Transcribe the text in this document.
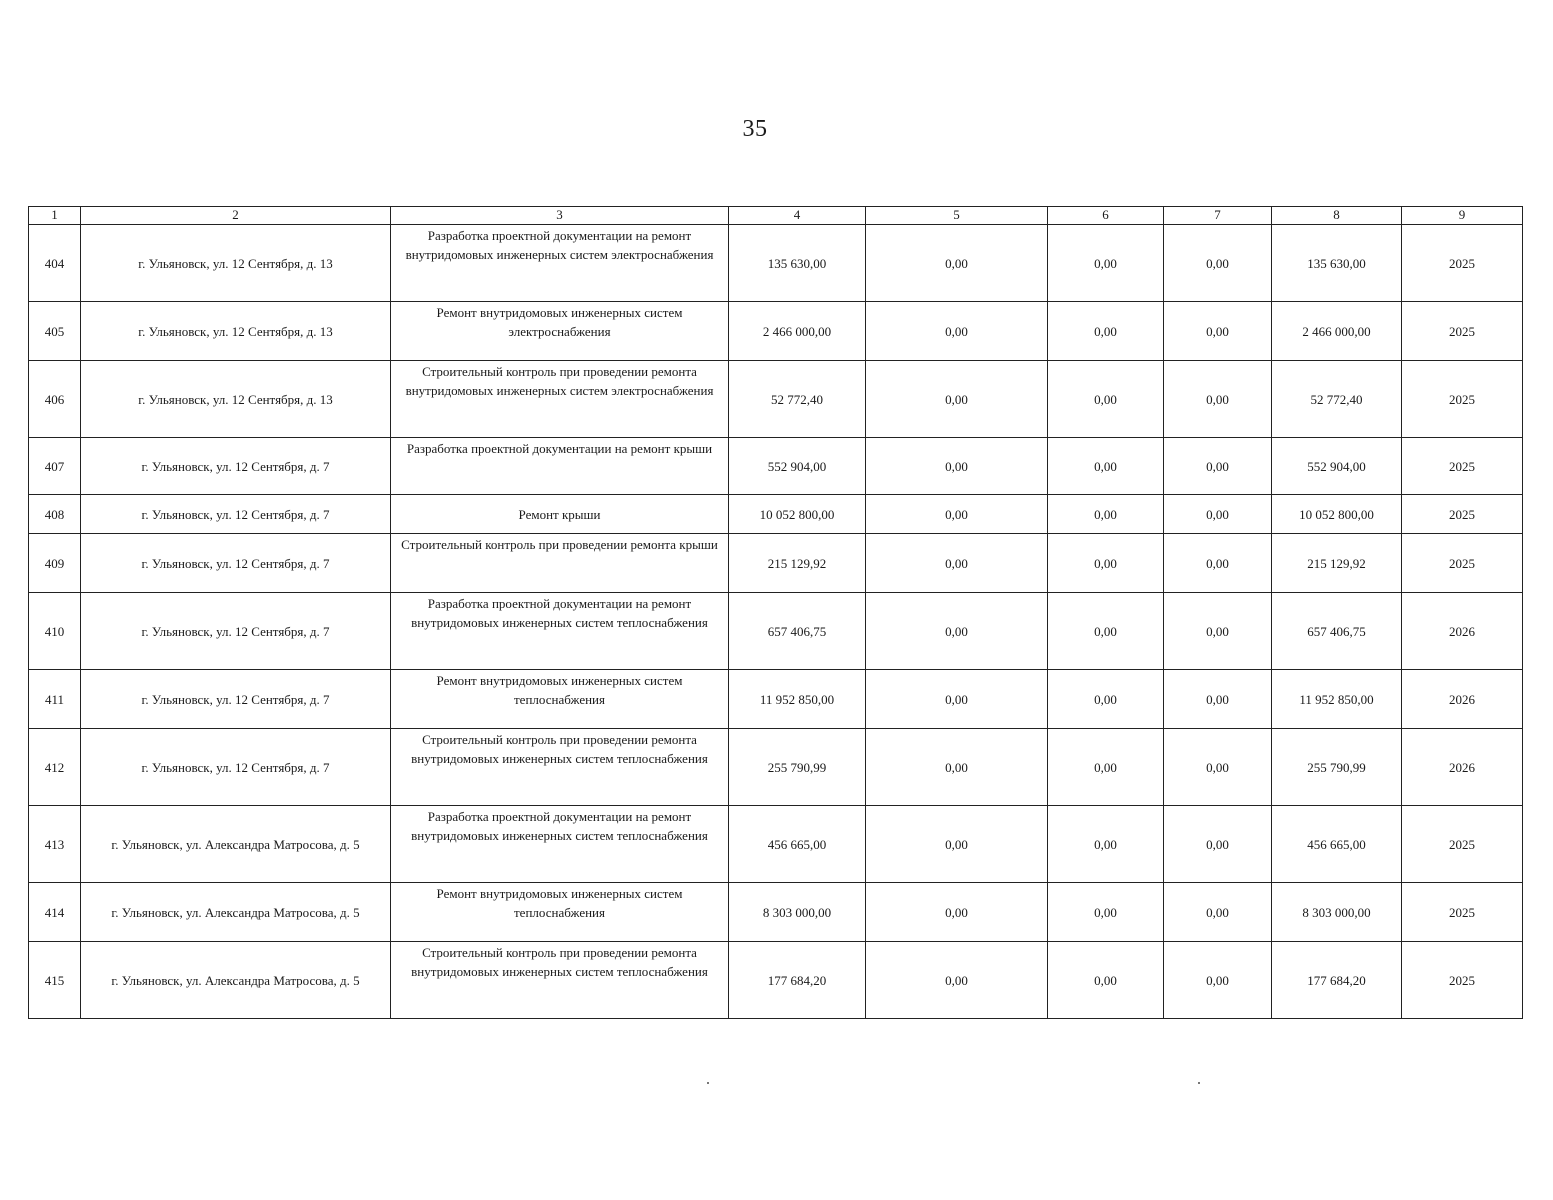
35
1	2	3	4	5	6	7	8	9
404	г. Ульяновск, ул. 12 Сентября, д. 13	Разработка проектной документации на ремонт внутридомовых инженерных систем электроснабжения	135 630,00	0,00	0,00	0,00	135 630,00	2025
405	г. Ульяновск, ул. 12 Сентября, д. 13	Ремонт внутридомовых инженерных систем электроснабжения	2 466 000,00	0,00	0,00	0,00	2 466 000,00	2025
406	г. Ульяновск, ул. 12 Сентября, д. 13	Строительный контроль при проведении ремонта внутридомовых инженерных систем электроснабжения	52 772,40	0,00	0,00	0,00	52 772,40	2025
407	г. Ульяновск, ул. 12 Сентября, д. 7	Разработка проектной документации на ремонт крыши	552 904,00	0,00	0,00	0,00	552 904,00	2025
408	г. Ульяновск, ул. 12 Сентября, д. 7	Ремонт крыши	10 052 800,00	0,00	0,00	0,00	10 052 800,00	2025
409	г. Ульяновск, ул. 12 Сентября, д. 7	Строительный контроль при проведении ремонта крыши	215 129,92	0,00	0,00	0,00	215 129,92	2025
410	г. Ульяновск, ул. 12 Сентября, д. 7	Разработка проектной документации на ремонт внутридомовых инженерных систем теплоснабжения	657 406,75	0,00	0,00	0,00	657 406,75	2026
411	г. Ульяновск, ул. 12 Сентября, д. 7	Ремонт внутридомовых инженерных систем теплоснабжения	11 952 850,00	0,00	0,00	0,00	11 952 850,00	2026
412	г. Ульяновск, ул. 12 Сентября, д. 7	Строительный контроль при проведении ремонта внутридомовых инженерных систем теплоснабжения	255 790,99	0,00	0,00	0,00	255 790,99	2026
413	г. Ульяновск, ул. Александра Матросова, д. 5	Разработка проектной документации на ремонт внутридомовых инженерных систем теплоснабжения	456 665,00	0,00	0,00	0,00	456 665,00	2025
414	г. Ульяновск, ул. Александра Матросова, д. 5	Ремонт внутридомовых инженерных систем теплоснабжения	8 303 000,00	0,00	0,00	0,00	8 303 000,00	2025
415	г. Ульяновск, ул. Александра Матросова, д. 5	Строительный контроль при проведении ремонта внутридомовых инженерных систем теплоснабжения	177 684,20	0,00	0,00	0,00	177 684,20	2025
